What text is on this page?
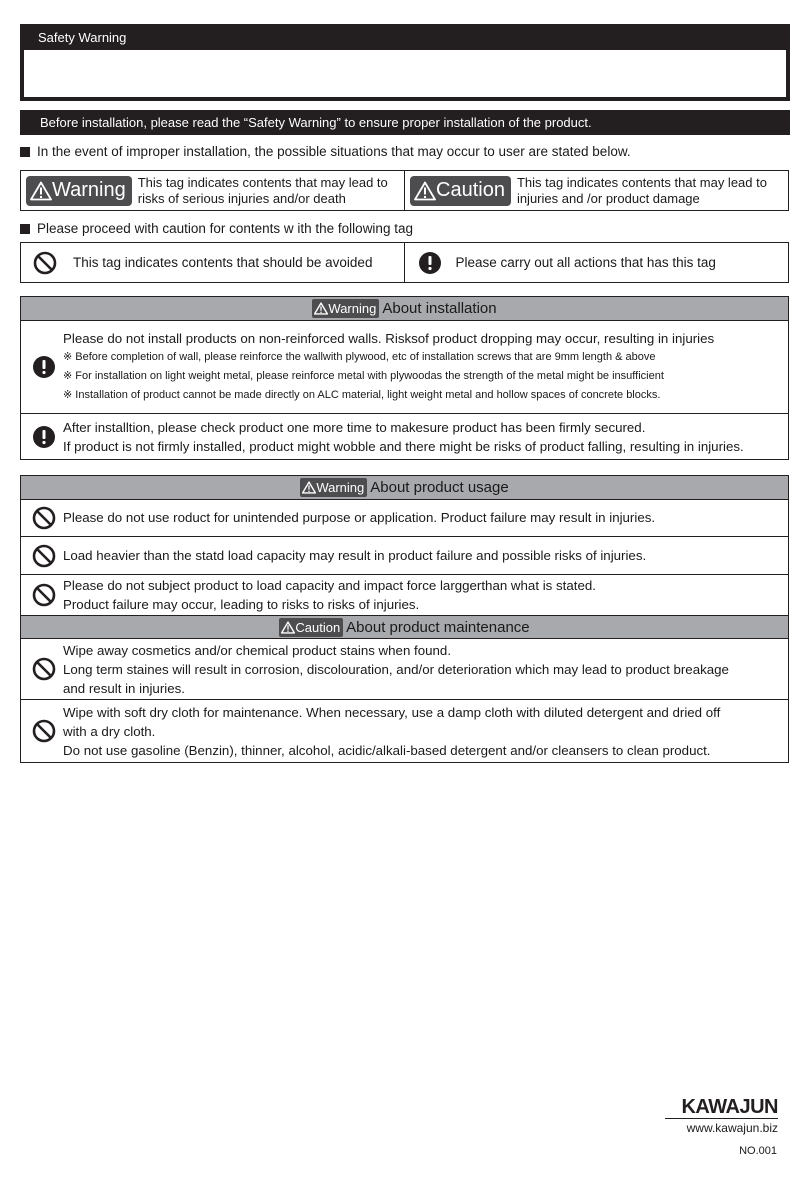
Safety Warning
Before installation, please read the “Safety Warning” to ensure proper installation of the product.
In the event of improper installation, the possible situations that may occur to user are stated below.
Warning This tag indicates contents that may lead to
risks of serious injuries and/or death	Caution This tag indicates contents that may lead to
injuries and /or product damage
Please proceed with caution for contents w ith the following tag
This tag indicates contents that should be avoided	Please carry out all actions that has this tag
Warning About installation
Please do not install products on non-reinforced walls. Risksof product dropping may occur, resulting in injuries
※ Before completion of wall, please reinforce the wallwith plywood, etc of installation screws that are 9mm length & above
※ For installation on light weight metal, please reinforce metal with plywoodas the strength of the metal might be insufficient
※ Installation of product cannot be made directly on ALC material, light weight metal and hollow spaces of concrete blocks.
After installtion, please check product one more time to makesure product has been firmly secured.
If product is not firmly installed, product might wobble and there might be risks of product falling, resulting in injuries.
Warning About product usage
Please do not use roduct for unintended purpose or application. Product failure may result in injuries.
Load heavier than the statd load capacity may result in product failure and possible risks of injuries.
Please do not subject product to load capacity and impact force larggerthan what is stated.
Product failure may occur, leading to risks to risks of injuries.
Caution About product maintenance
Wipe away cosmetics and/or chemical product stains when found.
Long term staines will result in corrosion, discolouration, and/or deterioration which may lead to product breakage
and result in injuries.
Wipe with soft dry cloth for maintenance. When necessary, use a damp cloth with diluted detergent and dried off
with a dry cloth.
Do not use gasoline (Benzin), thinner, alcohol, acidic/alkali-based detergent and/or cleansers to clean product.
KAWAJUN
www.kawajun.biz
NO.001
